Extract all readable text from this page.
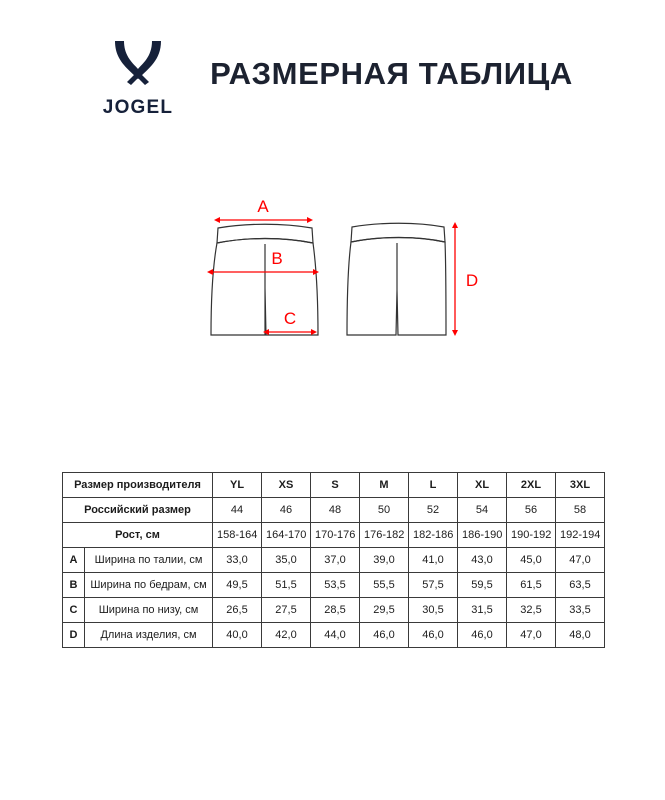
JOGEL
РАЗМЕРНАЯ ТАБЛИЦА
A
B
C
D
Размер производителя		YL	XS	S	M	L	XL	2XL	3XL
Российский размер		44	46	48	50	52	54	56	58
Рост, см		158-164	164-170	170-176	176-182	182-186	186-190	190-192	192-194
A	Ширина по талии, см	33,0	35,0	37,0	39,0	41,0	43,0	45,0	47,0
B	Ширина по бедрам, см	49,5	51,5	53,5	55,5	57,5	59,5	61,5	63,5
C	Ширина по низу, см	26,5	27,5	28,5	29,5	30,5	31,5	32,5	33,5
D	Длина изделия, см	40,0	42,0	44,0	46,0	46,0	46,0	47,0	48,0
